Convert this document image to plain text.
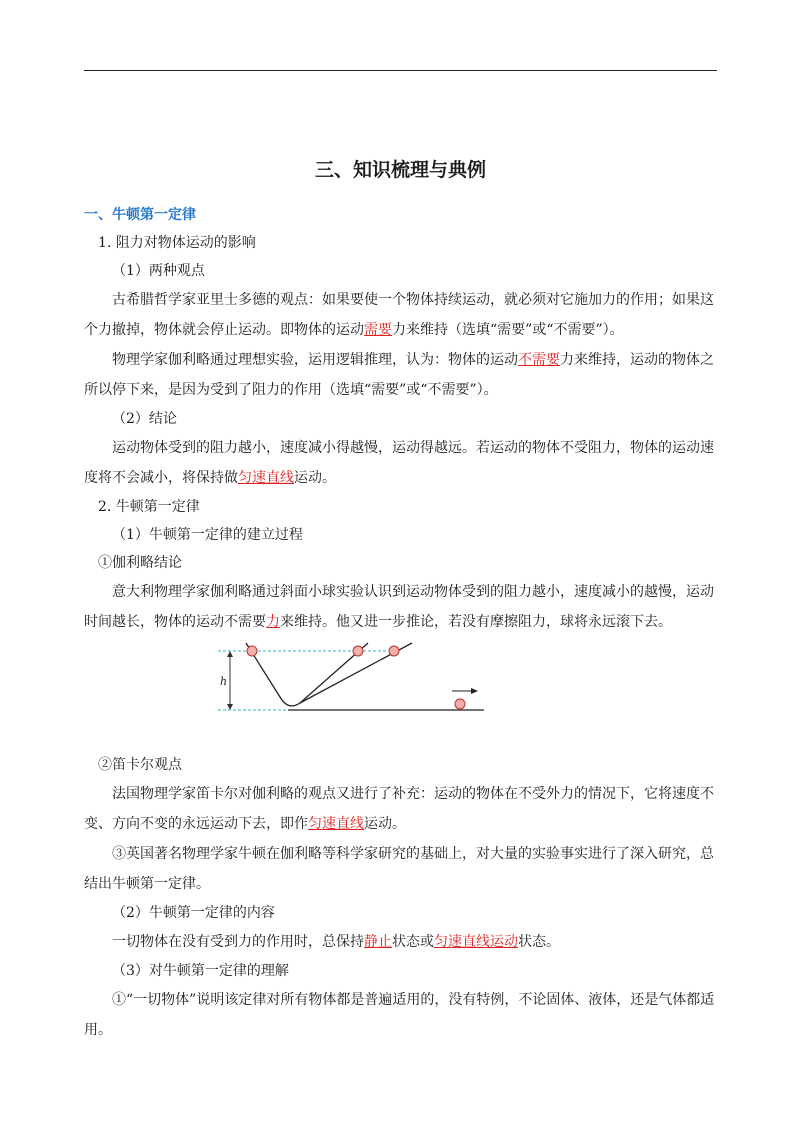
三、知识梳理与典例
一、牛顿第一定律

1. 阻力对物体运动的影响

（1）两种观点

古希腊哲学家亚里士多德的观点：如果要使一个物体持续运动，就必须对它施加力的作用；如果这个力撤掉，物体就会停止运动。即物体的运动需要力来维持（选填“需要”或“不需要”）。

物理学家伽利略通过理想实验，运用逻辑推理，认为：物体的运动不需要力来维持，运动的物体之所以停下来，是因为受到了阻力的作用（选填“需要”或“不需要”）。

（2）结论

运动物体受到的阻力越小，速度减小得越慢，运动得越远。若运动的物体不受阻力，物体的运动速度将不会减小，将保持做匀速直线运动。

2. 牛顿第一定律

（1）牛顿第一定律的建立过程

①伽利略结论

意大利物理学家伽利略通过斜面小球实验认识到运动物体受到的阻力越小，速度减小的越慢，运动时间越长，物体的运动不需要力来维持。他又进一步推论，若没有摩擦阻力，球将永远滚下去。

h

②笛卡尔观点

法国物理学家笛卡尔对伽利略的观点又进行了补充：运动的物体在不受外力的情况下，它将速度不变、方向不变的永远运动下去，即作匀速直线运动。

③英国著名物理学家牛顿在伽利略等科学家研究的基础上，对大量的实验事实进行了深入研究，总结出牛顿第一定律。

（2）牛顿第一定律的内容

一切物体在没有受到力的作用时，总保持静止状态或匀速直线运动状态。

（3）对牛顿第一定律的理解

①“一切物体”说明该定律对所有物体都是普遍适用的，没有特例，不论固体、液体，还是气体都适用。
